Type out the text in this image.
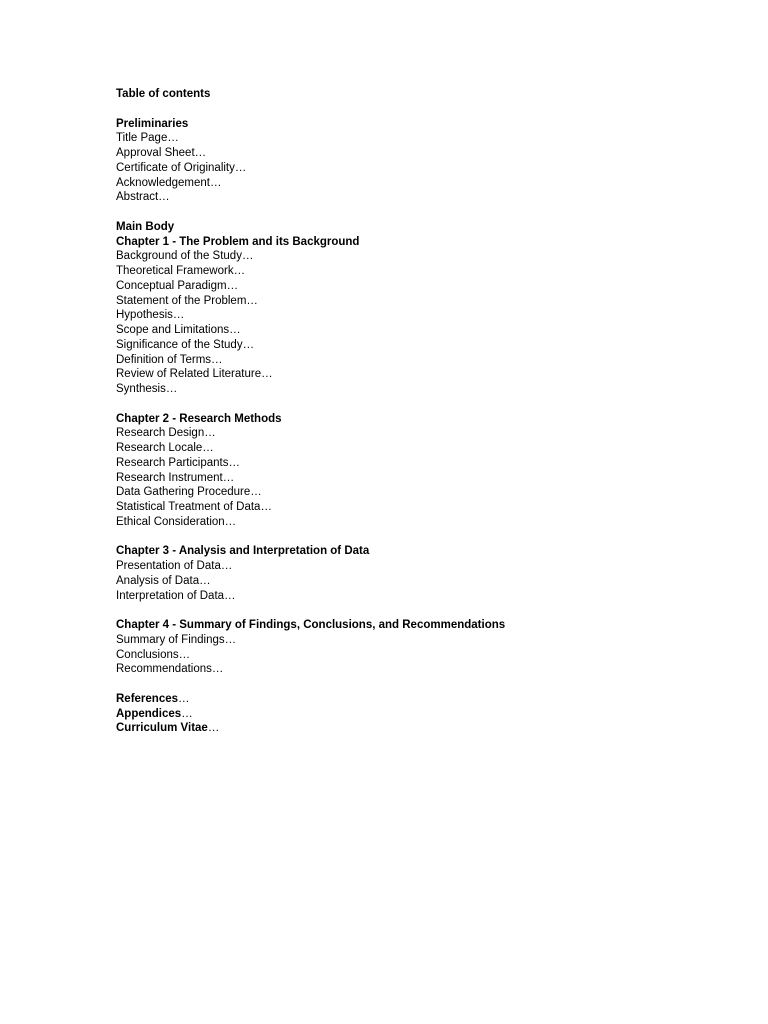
Table of contents
Preliminaries
Title Page…
Approval Sheet…
Certificate of Originality…
Acknowledgement…
Abstract…
Main Body
Chapter 1 - The Problem and its Background
Background of the Study…
Theoretical Framework…
Conceptual Paradigm…
Statement of the Problem…
Hypothesis…
Scope and Limitations…
Significance of the Study…
Definition of Terms…
Review of Related Literature…
Synthesis…
Chapter 2 - Research Methods
Research Design…
Research Locale…
Research Participants…
Research Instrument…
Data Gathering Procedure…
Statistical Treatment of Data…
Ethical Consideration…
Chapter 3 - Analysis and Interpretation of Data
Presentation of Data…
Analysis of Data…
Interpretation of Data…
Chapter 4 - Summary of Findings, Conclusions, and Recommendations
Summary of Findings…
Conclusions…
Recommendations…
References…
Appendices…
Curriculum Vitae…
